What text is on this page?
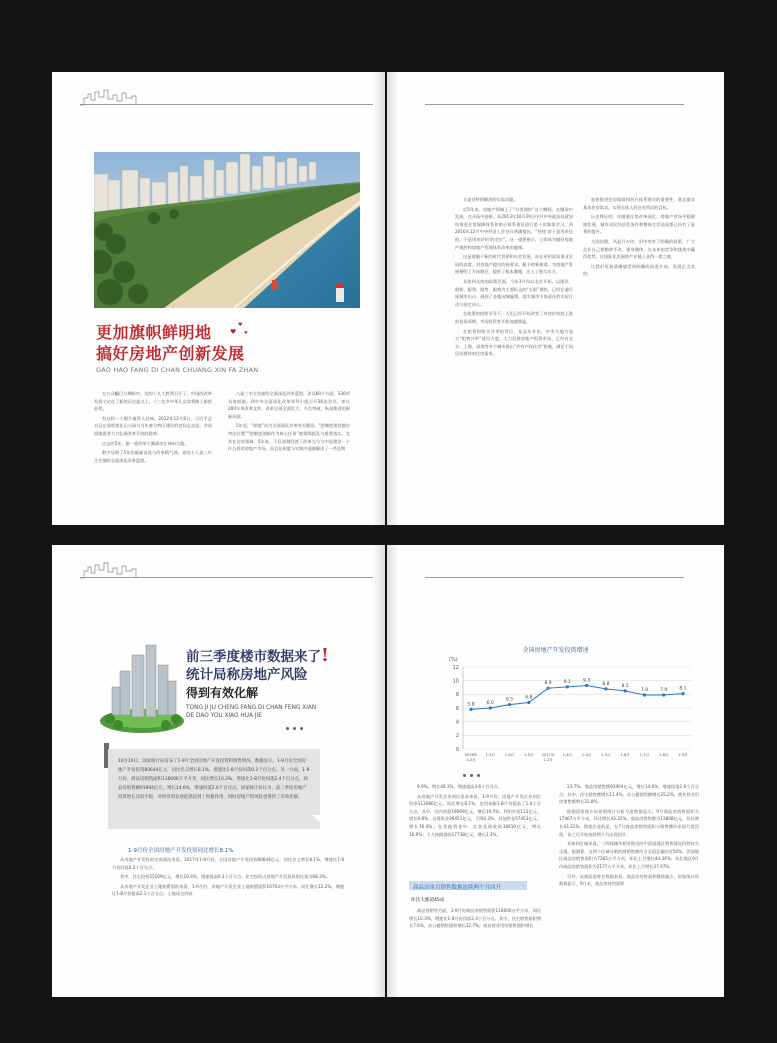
更加旗帜鲜明地
搞好房地产创新发展
♥
♥
♥
GAO HAO FANG DI CHAN CHUANG XIN FA ZHAN

在万众瞩目与期盼中，党的十九大胜利召开了。中国的改革发展又站在了新的历史起点上。十三亿多中华儿女即将踏上新的征程。

有这样一个细节值得人回味。2012年12月8日，习近平总书记在深圳莲花山公园与当年参与特区建设的老同志交谈，并深情地说要大力弘扬改革开放的精神。

过去的5年，新一轮改革大潮涌动在神州大地。

数字证明了5年的砥砺奋进与改革精气神。党的十八届三中全会描绘全面深化改革蓝图。

八届三中全会描绘全面深化改革蓝图，涉及60个方面、336项具体措施。到中央全面深化改革领导小组召开36次会议，审议200多项改革文件，改革呈现全面发力、多点突破、纵深推进的崭新局面。

5年里，“制度”成为全面深化改革的关键词。“把制度建设摆在突出位置”“把制度创新作为核心任务”被频频提及与重要落实。尤其在住房领域，5年来，不仅深刻回答了改革当今与中国建设一个什么样的房地产市场，而且在制度与实践中逐渐解决了一些长期

又是党特别解决的实际问题。

近5年来，房地产领域上了“分类调控”这个瞬间，在继承中发展，在开拓中创新。从2013年10月29日中共中央政治局就加快推进住房保障体系和供应体系建设进行第十次集体学习，到2016年12月中央经济工作会议明确提出，“坚持‘房子是用来住的，不是用来炒的’的定位”，这一重要指示，立即成为做好房地产调控和房地产管理体系改革的遵循。

这是着眼于新的时代背景和社会发展，站在更和国家事业全局的高度，对房地产提出的新要求，赋予的新使命。为房地产发展指明了方向路径，提供了根本遵循，注入了强大动力。

具体到具体的政策层面，今年3月份以北京开始，以限价、限购、限贷、限售、限商为主要标志的“五限”调控，已经在逾百座城市出台。展现了各地因城施策，落实城市主体责任的实际行动与坚定决心。

在政策的持续引导下，人们已经开始改变了对房价持续上涨的投资预期，市场投资者开始加速降温。

在租赁和购买并举的背后，从去年开始，中央与地方加大“租售并举”建设力度，大力发展房地产租赁市场，已经有北京、上海、深圳等多个城市推出“共有产权住房”措施，满足不同层次群体的住房需求。

加快推进住房保障和供应体系建设的重要性，满足群众基本住房需求，实现全体人民住有所居的目标。

历史将证明，伴随着住房改革深化、房地产市场平稳健康发展，城市居民的居住条件和整体生活品质都已经有了显著的提升。

大国治理，风起开万仞。旧中央有了明确的政策，广大企业自己要稍伸手改，强身健体，在未来的竞争和挑战中赢得优势，在国际化发展的产业链上获得一席之地。

让我们更加清晰感受到明确的前进方向，发展正当其时。

前三季度楼市数据来了!
统计局称房地产风险
得到有效化解
TONG JI JU CHENG FANG DI CHAN FENG XIAN
DE DAO YOU XIAO HUA JIE
10月19日，国家统计局发布了1-9月全国房地产开发投资和销售情况。数据显示，1-9月份全国房地产开发投资80644亿元，同比名义增长8.1%，增速比1-8月份回落0.2个百分点。另一方面，1-9月份，商品房销售面积116006万平方米，同比增长10.3%，增速比1-8月份回落2.4个百分点。商品房销售额91904亿元，增长14.6%，增速回落2.6个百分点。国家统计局认为，前三季度房地产投资增长比较平稳，对经济的发展依然起到了积极作用，同时房地产的风险也得到了有效化解。
1-9月份全国房地产开发投资同比增长8.1%

从房地产开发投资完成情况来看。2017年1-9月份，全国房地产开发投资80644亿元，同比名义增长8.1%，增速比1-8月份回落0.2个百分点。

其中，住宅投资55109亿元，增长10.4%，增速提高0.3个百分点。住宅投资占房地产开发投资的比重为68.3%。

从房地产开发企业土地购置面积来看，1-9月份，房地产开发企业土地购置面积16703万平方米，同比增长12.2%，增速比1-8月份提高2.1个百分点；土地成交价款

全国房地产开发投资增速
(%)
0
2
4
6
8
10
12
5.8
2016年
1-2月
6.0
1-3月
6.5
1-4月
6.8
1-5月
8.9
2017年
1-2月
9.1
1-3月
9.3
1-4月
8.8
1-5月
8.5
1-6月
7.9
1-7月
7.9
1-8月
8.1
1-9月

9.9%，增长46.3%，增速提高3.6个百分点。

从房地产开发企业到位资金来看，1-9月份，房地产开发企业到位资金113086亿元，同比增长8.1%，也用来跟1-8月份提高了1.0个百分点。其中，国内贷款19069亿元，增长19.5%；利用外资113亿元，增长9.8%；自筹资金36451亿元，下降0.3%；其他资金57453亿元，增长10.4%。在其他资金中，定金及预收款34610亿元，增长16.9%；个人按揭贷款17738亿元，增长1.3%。

商品房单月销售数据连续两个月回升
环比大涨超45成

商品房销售方面，1-9月份商品房销售面积116006万平方米，同比增长10.3%，增速比1-8月份回落2.4个百分点。其中，住宅销售面积增长7.6%，办公楼销售面积增长32.7%，商业营业用房销售面积增长

23.7%。商品房销售额91904亿元，增长14.6%，增速回落2.6个百分点。其中，住宅销售额增长11.4%，办公楼销售额增长25.2%，商业营业用房销售额增长31.8%。

根据国家统计局按照统计分析月度数据显示，9月商品房销售面积为17467万平方米，环比增长43.31%；商品房销售额为13808亿元，环比增长43.31%，增速注意的是，在7月商品房销售面积与销售额均出现月度回落，但之后开始连续两个月出现回升。

具体到区域来看，三四线城市相对推出的中西部地区销售情况仍然较为乐观，据测算，这两个区域分销的商销售额均占全国总量的近50%。西部地区商品房销售面积为7265万平方米，环比上月增长44.34%；东北地区9月份商品房销售面积为2177万平方米，环比上月增长37.97%。

另外，从商品房库存数据来看，商品房待售面积继续减少，国家统计局数据显示，9月末，商品房待售面积
